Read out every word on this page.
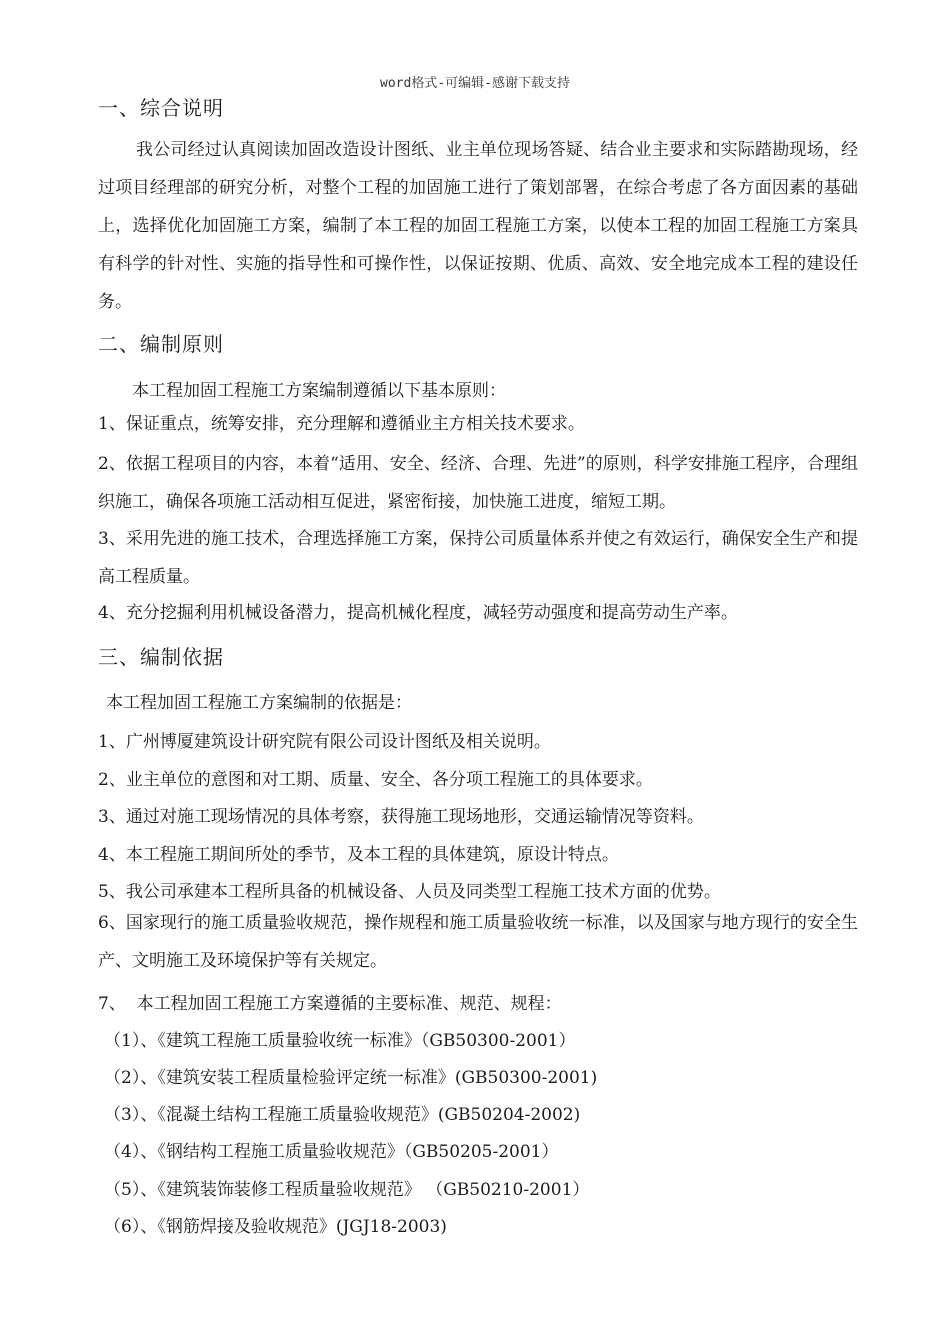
word格式-可编辑-感谢下载支持
一、综合说明
我公司经过认真阅读加固改造设计图纸、业主单位现场答疑、结合业主要求和实际踏勘现场，经过项目经理部的研究分析，对整个工程的加固施工进行了策划部署，在综合考虑了各方面因素的基础上，选择优化加固施工方案，编制了本工程的加固工程施工方案，以使本工程的加固工程施工方案具有科学的针对性、实施的指导性和可操作性，以保证按期、优质、高效、安全地完成本工程的建设任务。
二、编制原则
本工程加固工程施工方案编制遵循以下基本原则：
1、保证重点，统筹安排，充分理解和遵循业主方相关技术要求。
2、依据工程项目的内容，本着“适用、安全、经济、合理、先进”的原则，科学安排施工程序，合理组织施工，确保各项施工活动相互促进，紧密衔接，加快施工进度，缩短工期。
3、采用先进的施工技术，合理选择施工方案，保持公司质量体系并使之有效运行，确保安全生产和提高工程质量。
4、充分挖掘利用机械设备潜力，提高机械化程度，减轻劳动强度和提高劳动生产率。
三、编制依据
本工程加固工程施工方案编制的依据是：
1、广州博厦建筑设计研究院有限公司设计图纸及相关说明。
2、业主单位的意图和对工期、质量、安全、各分项工程施工的具体要求。
3、通过对施工现场情况的具体考察，获得施工现场地形，交通运输情况等资料。
4、本工程施工期间所处的季节，及本工程的具体建筑，原设计特点。
5、我公司承建本工程所具备的机械设备、人员及同类型工程施工技术方面的优势。
6、国家现行的施工质量验收规范，操作规程和施工质量验收统一标准，以及国家与地方现行的安全生产、文明施工及环境保护等有关规定。
7、  本工程加固工程施工方案遵循的主要标准、规范、规程：
（1）、《建筑工程施工质量验收统一标准》（GB50300-2001）
（2）、《建筑安装工程质量检验评定统一标准》(GB50300-2001)
（3）、《混凝土结构工程施工质量验收规范》(GB50204-2002)
（4）、《钢结构工程施工质量验收规范》（GB50205-2001）
（5）、《建筑装饰装修工程质量验收规范》 （GB50210-2001）
（6）、《钢筋焊接及验收规范》(JGJ18-2003)
